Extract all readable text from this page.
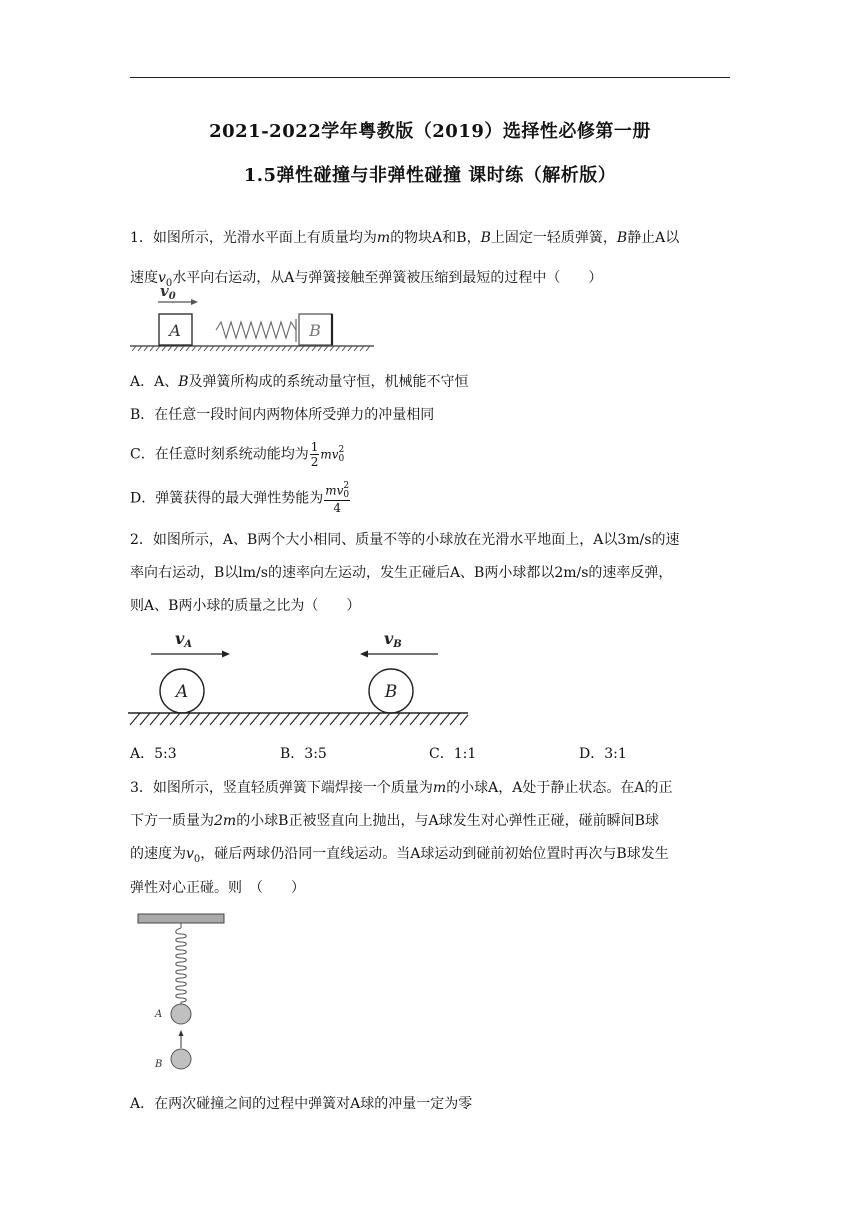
2021-2022学年粤教版（2019）选择性必修第一册
1.5弹性碰撞与非弹性碰撞 课时练（解析版）
1．如图所示，光滑水平面上有质量均为m的物块A和B，B上固定一轻质弹簧，B静止A以
速度$v_0$水平向右运动，从A与弹簧接触至弹簧被压缩到最短的过程中（　　）
$v_0$
A	B
A．A、B及弹簧所构成的系统动量守恒，机械能不守恒
B．在任意一段时间内两物体所受弹力的冲量相同
C．在任意时刻系统动能均为 $\frac{1}{2}$ mv 2
0
D．弹簧获得的最大弹性势能为 mv 2
0
4
2．如图所示，A、B两个大小相同、质量不等的小球放在光滑水平地面上，A以3m/s的速
率向右运动，B以lm/s的速率向左运动，发生正碰后A、B两小球都以2m/s的速率反弹，
则A、B两小球的质量之比为（　　）
vA	vB
A	B
A．5:3	B．3:5	C．1:1	D．3:1
3．如图所示，竖直轻质弹簧下端焊接一个质量为m的小球A，A处于静止状态。在A的正
下方一质量为2m的小球B正被竖直向上抛出，与A球发生对心弹性正碰，碰前瞬间B球
的速度为$v_0$，碰后两球仍沿同一直线运动。当A球运动到碰前初始位置时再次与B球发生
弹性对心正碰。则　（　　）
A
B
A．在两次碰撞之间的过程中弹簧对A球的冲量一定为零
